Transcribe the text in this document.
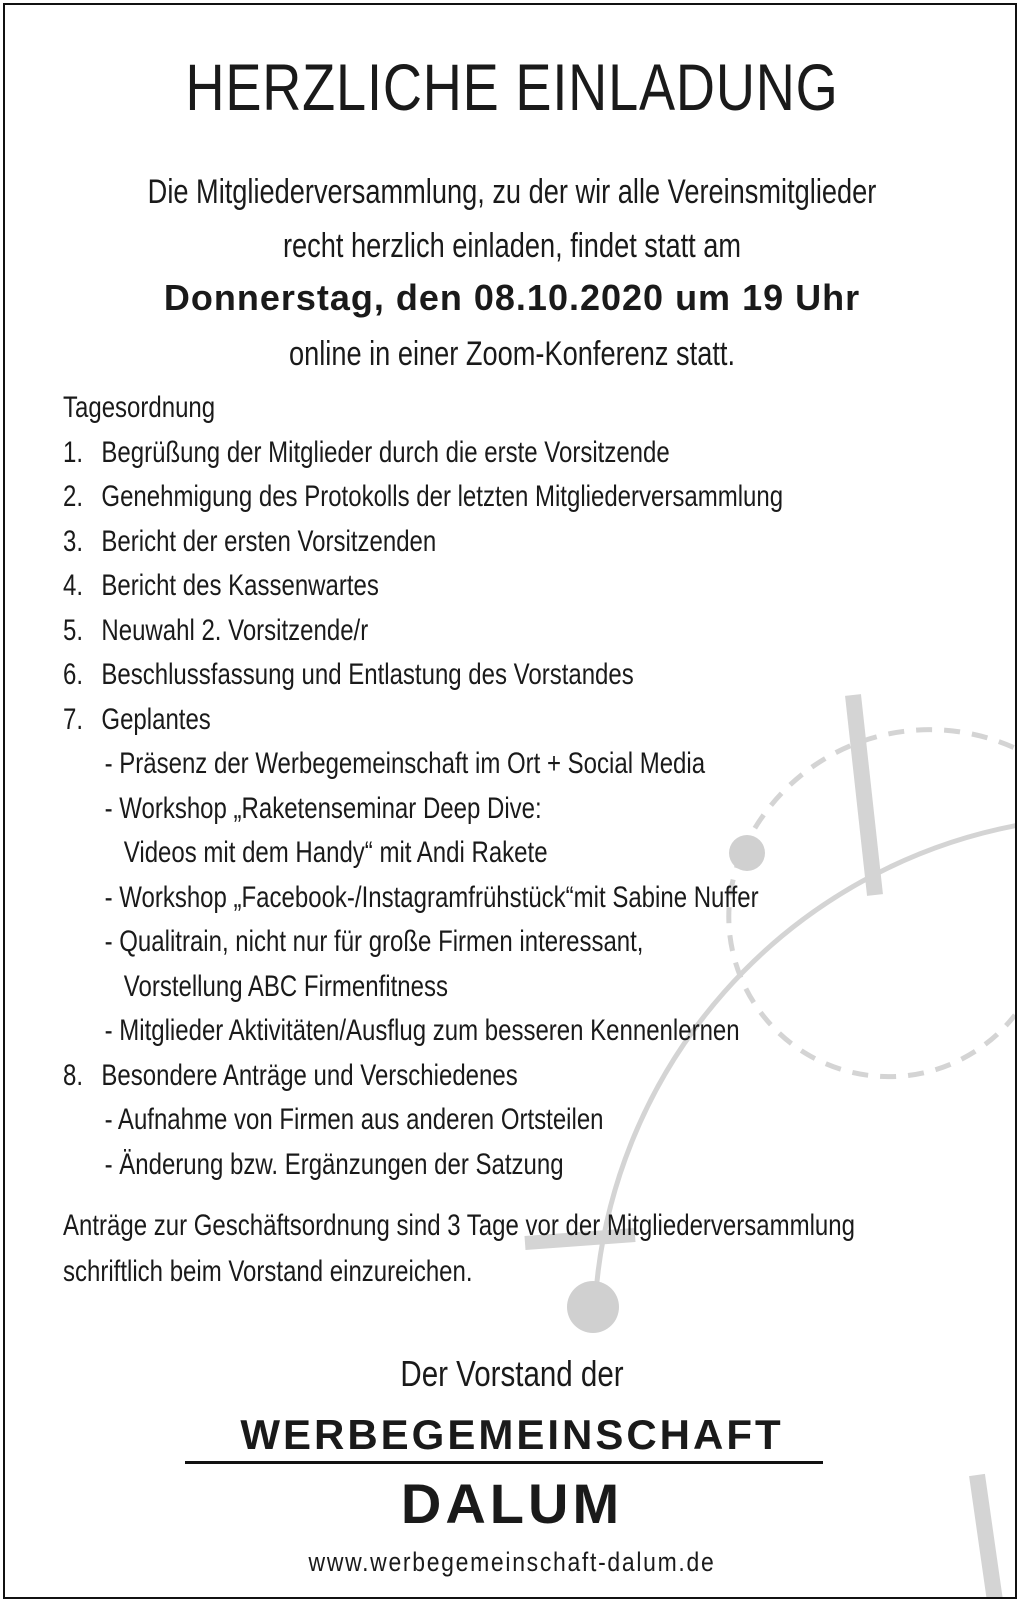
HERZLICHE EINLADUNG
Die Mitgliederversammlung, zu der wir alle Vereinsmitglieder
recht herzlich einladen, findet statt am
Donnerstag, den 08.10.2020 um 19 Uhr
online in einer Zoom-Konferenz statt.
Tagesordnung
1. Begrüßung der Mitglieder durch die erste Vorsitzende
2. Genehmigung des Protokolls der letzten Mitgliederversammlung
3. Bericht der ersten Vorsitzenden
4. Bericht des Kassenwartes
5. Neuwahl 2. Vorsitzende/r
6. Beschlussfassung und Entlastung des Vorstandes
7. Geplantes
- Präsenz der Werbegemeinschaft im Ort + Social Media
- Workshop „Raketenseminar Deep Dive:
Videos mit dem Handy“ mit Andi Rakete
- Workshop „Facebook-/Instagramfrühstück“mit Sabine Nuffer
- Qualitrain, nicht nur für große Firmen interessant,
Vorstellung ABC Firmenfitness
- Mitglieder Aktivitäten/Ausflug zum besseren Kennenlernen
8. Besondere Anträge und Verschiedenes
- Aufnahme von Firmen aus anderen Ortsteilen
- Änderung bzw. Ergänzungen der Satzung
Anträge zur Geschäftsordnung sind 3 Tage vor der Mitgliederversammlung
schriftlich beim Vorstand einzureichen.
Der Vorstand der
WERBEGEMEINSCHAFT
DALUM
www.werbegemeinschaft-dalum.de
